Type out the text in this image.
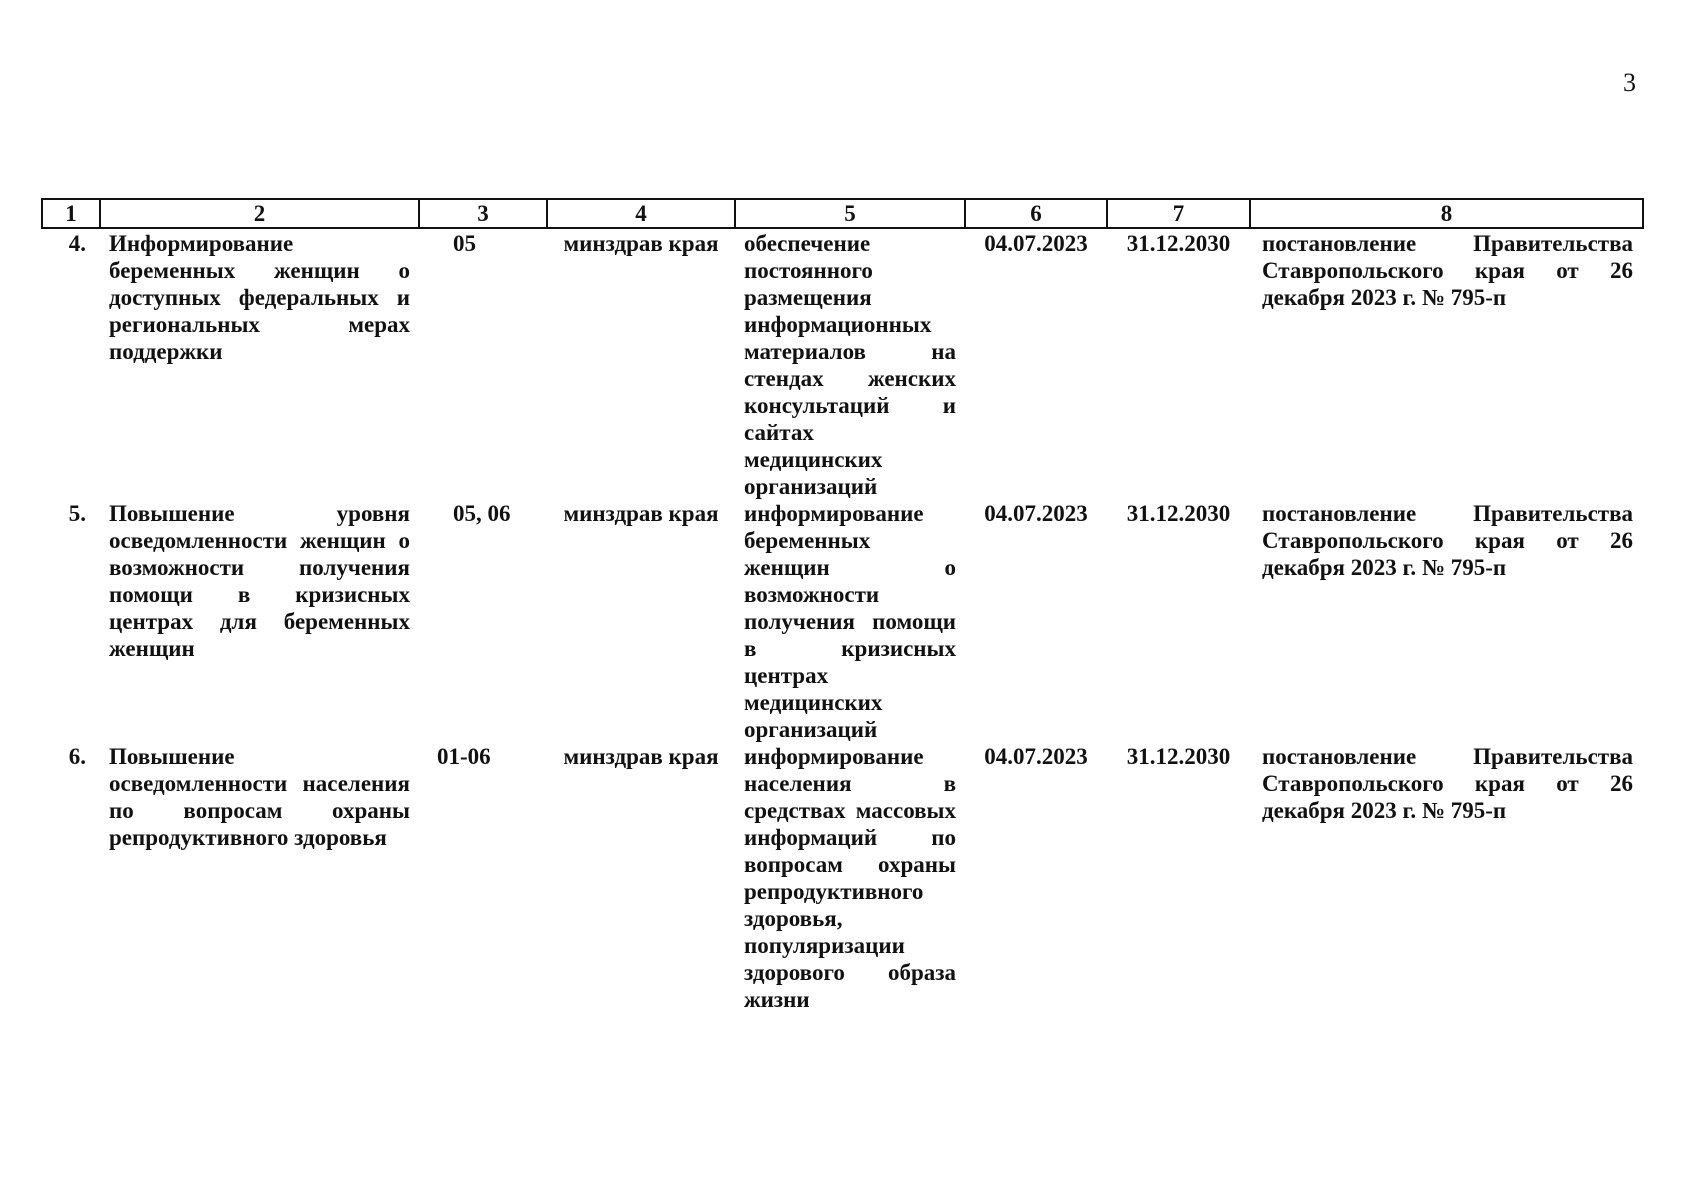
3
1	2	3	4	5	6	7	8
4.	Информирование беременных женщин о доступных федеральных и региональных мерах поддержки	05	минздрав края	обеспечение постоянного размещения информационных материалов на стендах женских консультаций и сайтах медицинских организаций	04.07.2023	31.12.2030	постановление Правительства Ставропольского края от 26 декабря 2023 г. № 795-п
5.	Повышение уровня осведомленности женщин о возможности получения помощи в кризисных центрах для беременных женщин	05, 06	минздрав края	информирование беременных женщин о возможности получения помощи в кризисных центрах медицинских организаций	04.07.2023	31.12.2030	постановление Правительства Ставропольского края от 26 декабря 2023 г. № 795-п
6.	Повышение осведомленности населения по вопросам охраны репродуктивного здоровья	01-06	минздрав края	информирование населения в средствах массовых информаций по вопросам охраны репродуктивного здоровья, популяризации здорового образа жизни	04.07.2023	31.12.2030	постановление Правительства Ставропольского края от 26 декабря 2023 г. № 795-п
